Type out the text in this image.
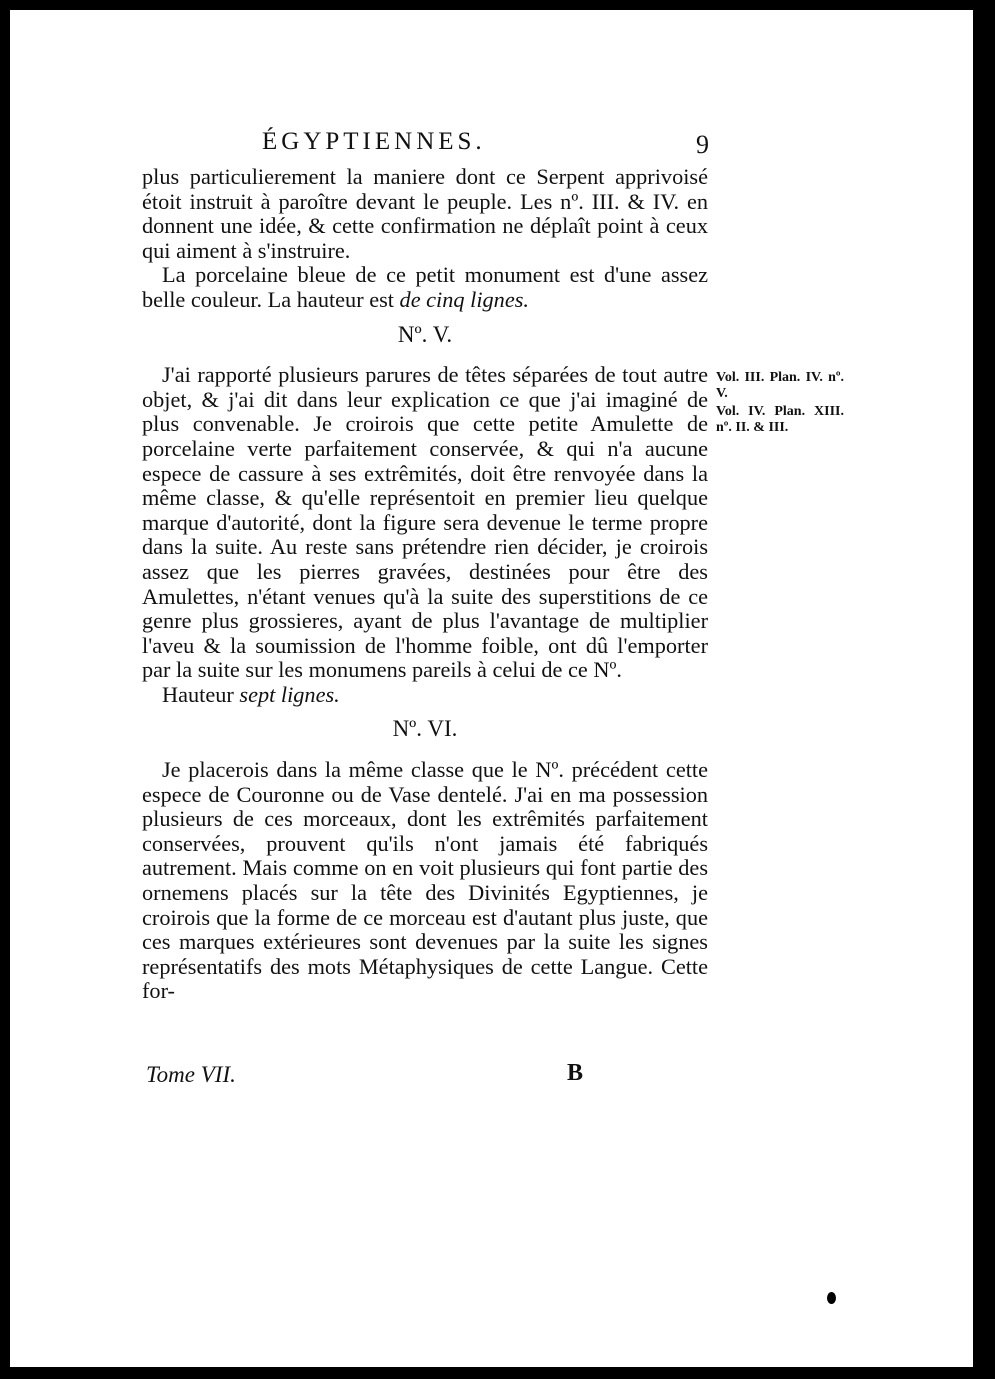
ÉGYPTIENNES.	9

plus particulierement la maniere dont ce Serpent apprivoisé étoit instruit à paroître devant le peuple. Les nº. III. & IV. en donnent une idée, & cette confirmation ne déplaît point à ceux qui aiment à s'instruire.

La porcelaine bleue de ce petit monument est d'une assez belle couleur. La hauteur est de cinq lignes.

Nº. V.

J'ai rapporté plusieurs parures de têtes séparées de tout autre objet, & j'ai dit dans leur explication ce que j'ai imaginé de plus convenable. Je croirois que cette petite Amulette de porcelaine verte parfaitement conservée, & qui n'a aucune espece de cassure à ses extrêmités, doit être renvoyée dans la même classe, & qu'elle représentoit en premier lieu quelque marque d'autorité, dont la figure sera devenue le terme propre dans la suite. Au reste sans prétendre rien décider, je croirois assez que les pierres gravées, destinées pour être des Amulettes, n'étant venues qu'à la suite des superstitions de ce genre plus grossieres, ayant de plus l'avantage de multiplier l'aveu & la soumission de l'homme foible, ont dû l'emporter par la suite sur les monumens pareils à celui de ce Nº.

Hauteur sept lignes.

Nº. VI.

Je placerois dans la même classe que le Nº. précédent cette espece de Couronne ou de Vase dentelé. J'ai en ma possession plusieurs de ces morceaux, dont les extrêmités parfaitement conservées, prouvent qu'ils n'ont jamais été fabriqués autrement. Mais comme on en voit plusieurs qui font partie des ornemens placés sur la tête des Divinités Egyptiennes, je croirois que la forme de ce morceau est d'autant plus juste, que ces marques extérieures sont devenues par la suite les signes représentatifs des mots Métaphysiques de cette Langue. Cette for-

Vol. III. Plan. IV. nº. V.

Vol. IV. Plan. XIII. nº. II. & III.

Tome VII.	B
